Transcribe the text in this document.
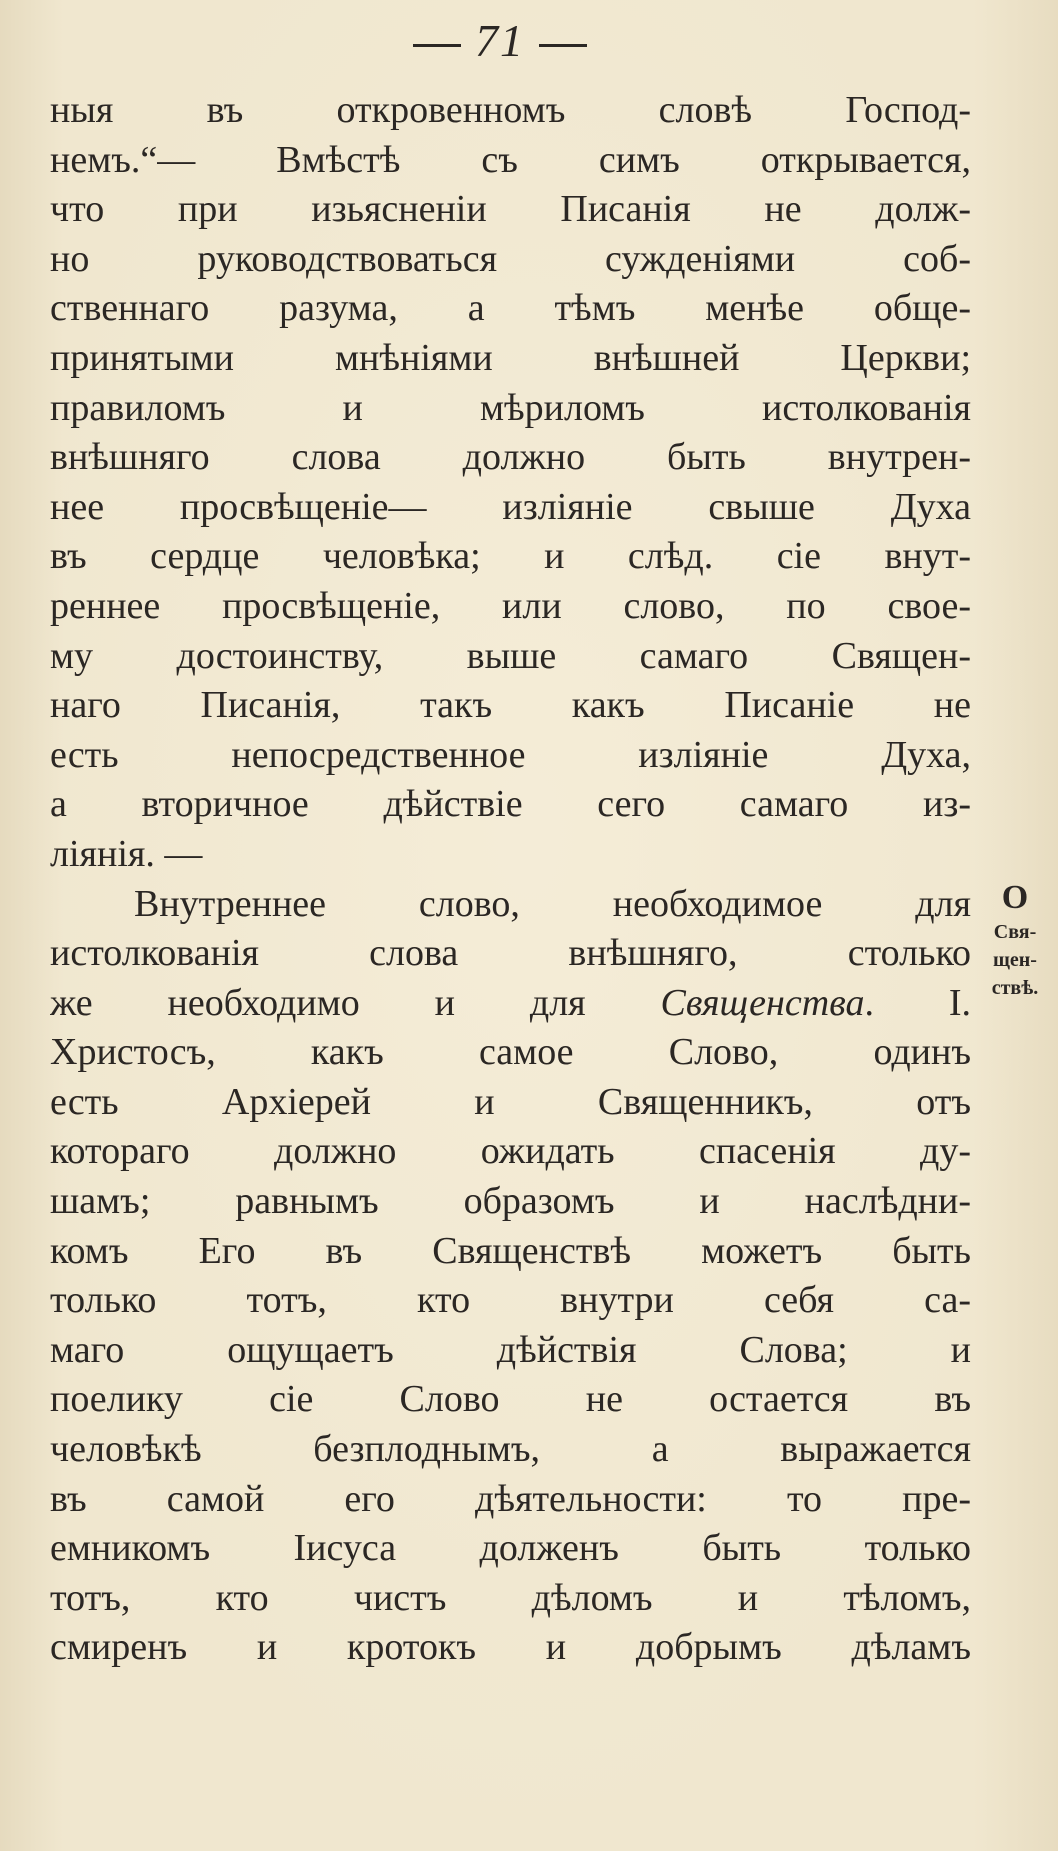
71
ныя въ откровенномъ словѣ Господ-
немъ.“— Вмѣстѣ съ симъ открывается,
что при изьясненіи Писанія не долж-
но руководствоваться сужденіями соб-
ственнаго разума, а тѣмъ менѣе обще-
принятыми мнѣніями внѣшней Церкви;
правиломъ и мѣриломъ истолкованія
внѣшняго слова должно быть внутрен-
нее просвѣщеніе— изліяніе свыше Духа
въ сердце человѣка; и слѣд. сіе внут-
реннее просвѣщеніе, или слово, по свое-
му достоинству, выше самаго Священ-
наго Писанія, такъ какъ Писаніе не
есть непосредственное изліяніе Духа,
а вторичное дѣйствіе сего самаго из-
ліянія. —
Внутреннее слово, необходимое для
истолкованія слова внѣшняго, столько
же необходимо и для Священства. І.
Христосъ, какъ самое Слово, одинъ
есть Архіерей и Священникъ, отъ
котораго должно ожидать спасенія ду-
шамъ; равнымъ образомъ и наслѣдни-
комъ Его въ Священствѣ можетъ быть
только тотъ, кто внутри себя са-
маго ощущаетъ дѣйствія Слова; и
поелику сіе Слово не остается въ
человѣкѣ безплоднымъ, а выражается
въ самой его дѣятельности: то пре-
емникомъ Іисуса долженъ быть только
тотъ, кто чистъ дѣломъ и тѣломъ,
смиренъ и кротокъ и добрымъ дѣламъ
О
Свя-
щен-
ствѣ.
